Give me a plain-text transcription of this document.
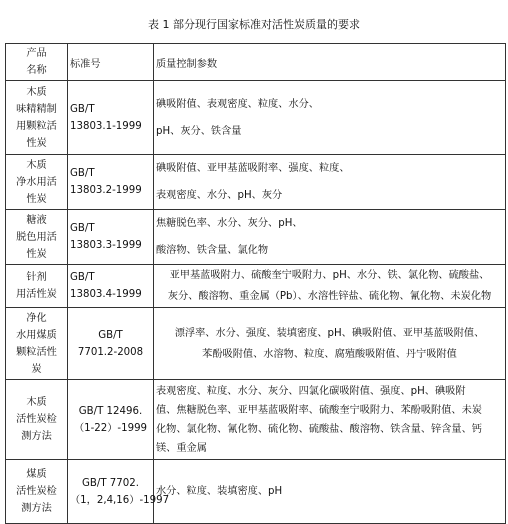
表 1 部分现行国家标准对活性炭质量的要求
产品
名称	标准号	质量控制参数

木质
味精精制
用颗粒活
性炭	GB/T
13803.1-1999	碘吸附值、表观密度、粒度、水分、
pH、灰分、铁含量

木质
净水用活
性炭	GB/T
13803.2-1999	碘吸附值、亚甲基蓝吸附率、强度、粒度、
表观密度、水分、pH、灰分

糖液
脱色用活
性炭	GB/T
13803.3-1999	焦糖脱色率、水分、灰分、pH、
酸溶物、铁含量、氯化物

针剂
用活性炭	GB/T
13803.4-1999	亚甲基蓝吸附力、硫酸奎宁吸附力、pH、水分、铁、氯化物、硫酸盐、
灰分、酸溶物、重金属（Pb）、水溶性锌盐、硫化物、氰化物、未炭化物

净化
水用煤质
颗粒活性
炭	GB/T
7701.2-2008	漂浮率、水分、强度、装填密度、pH、碘吸附值、亚甲基蓝吸附值、
苯酚吸附值、水溶物、粒度、腐殖酸吸附值、丹宁吸附值

木质
活性炭检
测方法	GB/T 12496.
（1-22）-1999	表观密度、粒度、水分、灰分、四氯化碳吸附值、强度、pH、碘吸附
值、焦糖脱色率、亚甲基蓝吸附率、硫酸奎宁吸附力、苯酚吸附值、未炭
化物、氯化物、氰化物、硫化物、硫酸盐、酸溶物、铁含量、锌含量、钙
镁、重金属

煤质
活性炭检
测方法	GB/T 7702.
（1，2,4,16）-1997	水分、粒度、装填密度、pH
